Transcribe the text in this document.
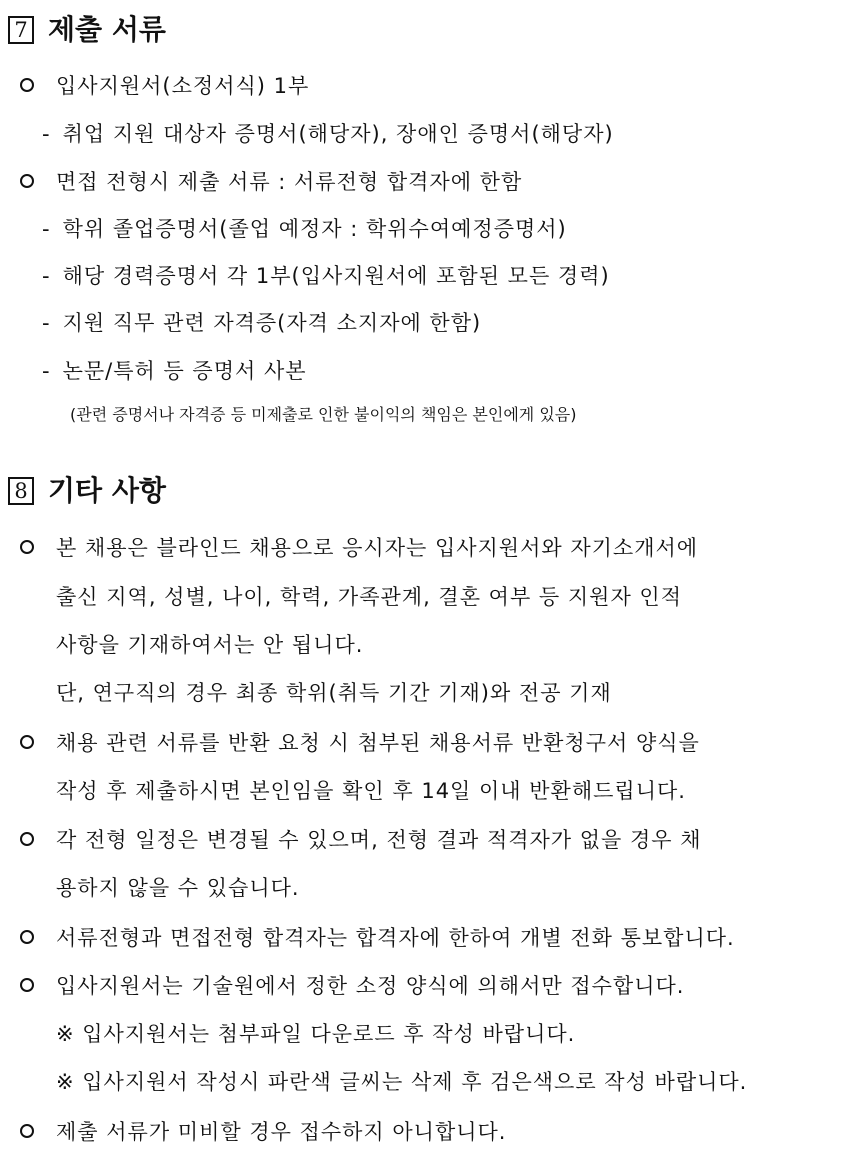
7 제출 서류
입사지원서(소정서식) 1부
- 취업 지원 대상자 증명서(해당자), 장애인 증명서(해당자)
면접 전형시 제출 서류 : 서류전형 합격자에 한함
- 학위 졸업증명서(졸업 예정자 : 학위수여예정증명서)
- 해당 경력증명서 각 1부(입사지원서에 포함된 모든 경력)
- 지원 직무 관련 자격증(자격 소지자에 한함)
- 논문/특허 등 증명서 사본
(관련 증명서나 자격증 등 미제출로 인한 불이익의 책임은 본인에게 있음)
8 기타 사항
본 채용은 블라인드 채용으로 응시자는 입사지원서와 자기소개서에
출신 지역, 성별, 나이, 학력, 가족관계, 결혼 여부 등 지원자 인적
사항을 기재하여서는 안 됩니다.
단, 연구직의 경우 최종 학위(취득 기간 기재)와 전공 기재
채용 관련 서류를 반환 요청 시 첨부된 채용서류 반환청구서 양식을
작성 후 제출하시면 본인임을 확인 후 14일 이내 반환해드립니다.
각 전형 일정은 변경될 수 있으며, 전형 결과 적격자가 없을 경우 채
용하지 않을 수 있습니다.
서류전형과 면접전형 합격자는 합격자에 한하여 개별 전화 통보합니다.
입사지원서는 기술원에서 정한 소정 양식에 의해서만 접수합니다.
※ 입사지원서는 첨부파일 다운로드 후 작성 바랍니다.
※ 입사지원서 작성시 파란색 글씨는 삭제 후 검은색으로 작성 바랍니다.
제출 서류가 미비할 경우 접수하지 아니합니다.
